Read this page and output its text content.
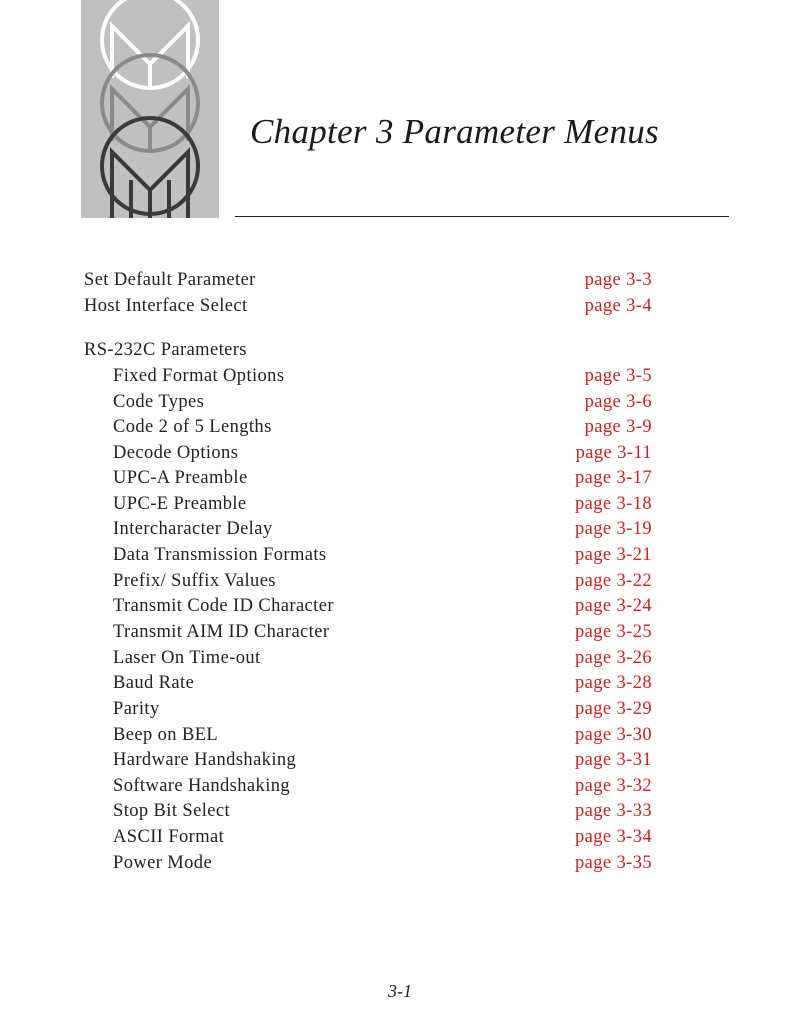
Chapter 3 Parameter Menus
Set Default Parameter	page 3-3
Host Interface Select	page 3-4
RS-232C Parameters
Fixed Format Options	page 3-5
Code Types	page 3-6
Code 2 of 5 Lengths	page 3-9
Decode Options	page 3-11
UPC-A Preamble	page 3-17
UPC-E Preamble	page 3-18
Intercharacter Delay	page 3-19
Data Transmission Formats	page 3-21
Prefix/ Suffix Values	page 3-22
Transmit Code ID Character	page 3-24
Transmit AIM ID Character	page 3-25
Laser On Time-out	page 3-26
Baud Rate	page 3-28
Parity	page 3-29
Beep on BEL	page 3-30
Hardware Handshaking	page 3-31
Software Handshaking	page 3-32
Stop Bit Select	page 3-33
ASCII Format	page 3-34
Power Mode	page 3-35
3-1
